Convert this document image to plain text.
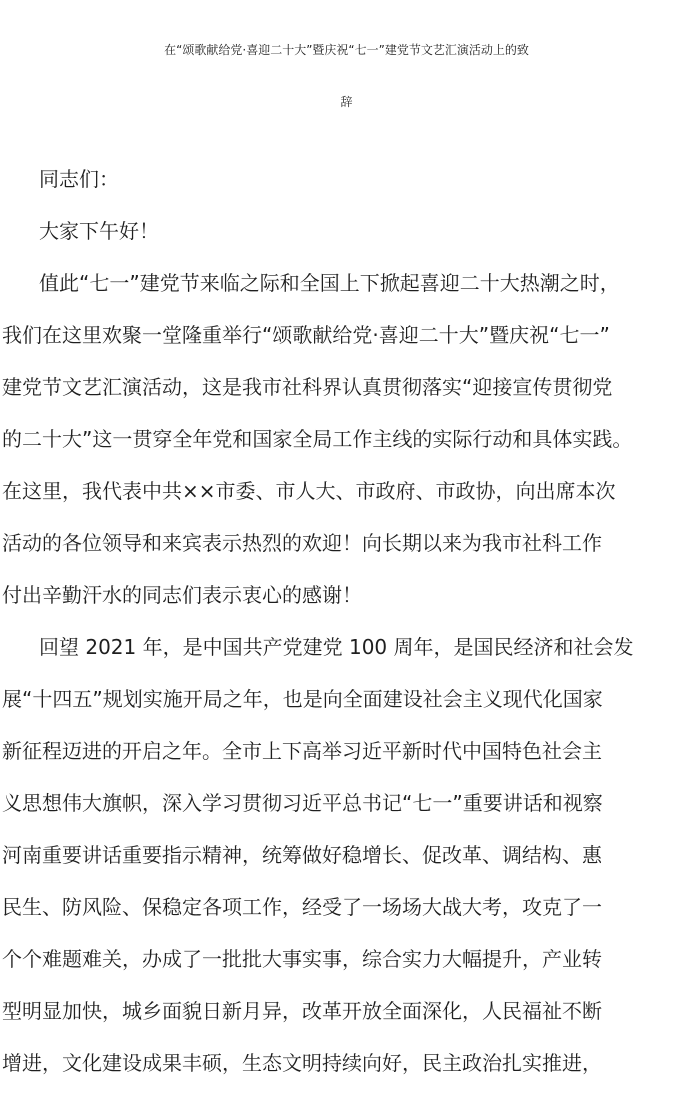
在“颂歌献给党·喜迎二十大”暨庆祝“七一”建党节文艺汇演活动上的致
辞
同志们：
大家下午好！
值此“七一”建党节来临之际和全国上下掀起喜迎二十大热潮之时，
我们在这里欢聚一堂隆重举行“颂歌献给党·喜迎二十大”暨庆祝“七一”
建党节文艺汇演活动，这是我市社科界认真贯彻落实“迎接宣传贯彻党
的二十大”这一贯穿全年党和国家全局工作主线的实际行动和具体实践。
在这里，我代表中共××市委、市人大、市政府、市政协，向出席本次
活动的各位领导和来宾表示热烈的欢迎！向长期以来为我市社科工作
付出辛勤汗水的同志们表示衷心的感谢！
回望 2021 年，是中国共产党建党 100 周年，是国民经济和社会发
展“十四五”规划实施开局之年，也是向全面建设社会主义现代化国家
新征程迈进的开启之年。全市上下高举习近平新时代中国特色社会主
义思想伟大旗帜，深入学习贯彻习近平总书记“七一”重要讲话和视察
河南重要讲话重要指示精神，统筹做好稳增长、促改革、调结构、惠
民生、防风险、保稳定各项工作，经受了一场场大战大考，攻克了一
个个难题难关，办成了一批批大事实事，综合实力大幅提升，产业转
型明显加快，城乡面貌日新月异，改革开放全面深化，人民福祉不断
增进，文化建设成果丰硕，生态文明持续向好，民主政治扎实推进，
